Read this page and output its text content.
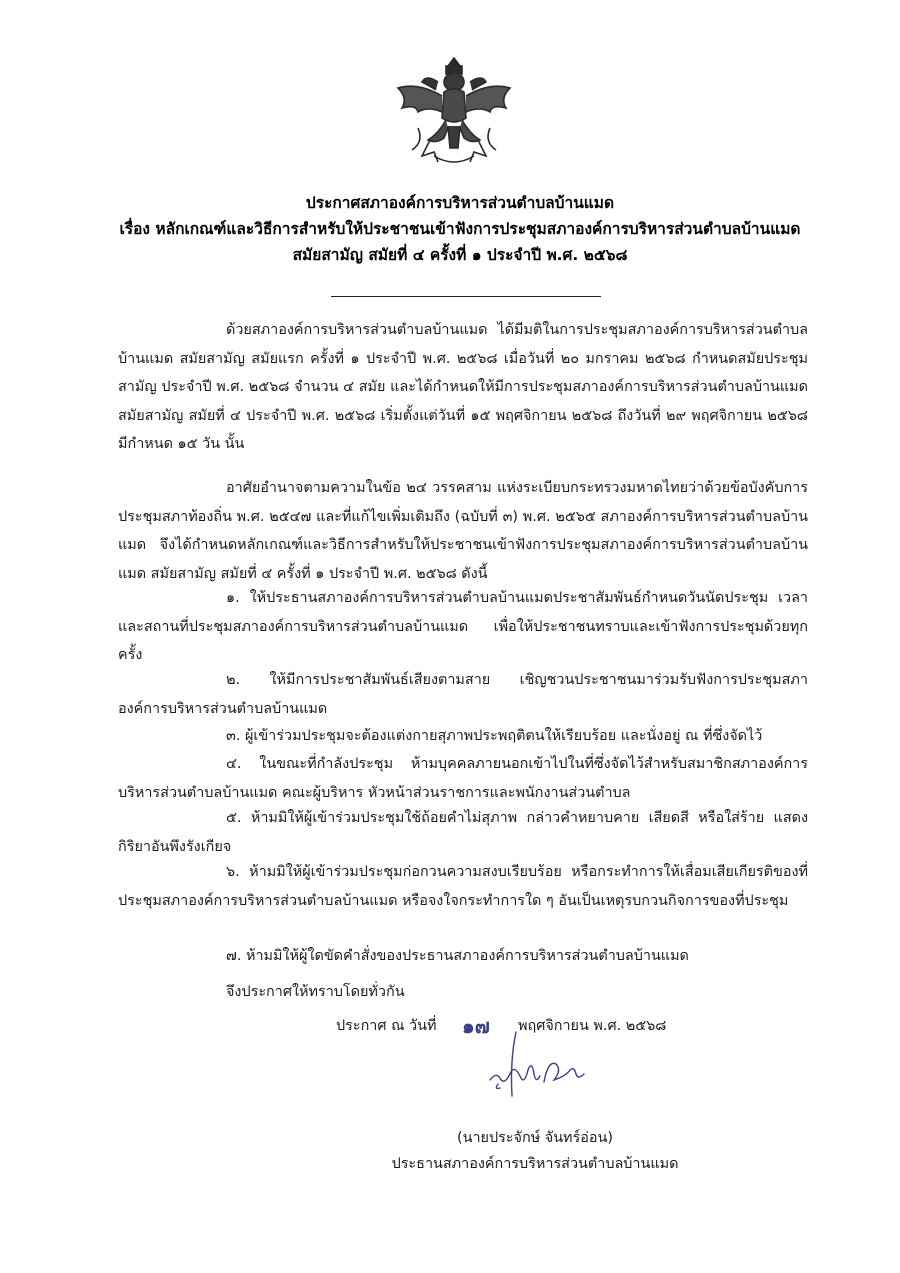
ประกาศสภาองค์การบริหารส่วนตำบลบ้านแมด
เรื่อง หลักเกณฑ์และวิธีการสำหรับให้ประชาชนเข้าฟังการประชุมสภาองค์การบริหารส่วนตำบลบ้านแมด
สมัยสามัญ สมัยที่ ๔ ครั้งที่ ๑ ประจำปี พ.ศ. ๒๕๖๘

ด้วยสภาองค์การบริหารส่วนตำบลบ้านแมด ได้มีมติในการประชุมสภาองค์การบริหารส่วนตำบลบ้านแมด สมัยสามัญ สมัยแรก ครั้งที่ ๑ ประจำปี พ.ศ. ๒๕๖๘ เมื่อวันที่ ๒๐ มกราคม ๒๕๖๘ กำหนดสมัยประชุมสามัญ ประจำปี พ.ศ. ๒๕๖๘ จำนวน ๔ สมัย และได้กำหนดให้มีการประชุมสภาองค์การบริหารส่วนตำบลบ้านแมด สมัยสามัญ สมัยที่ ๔ ประจำปี พ.ศ. ๒๕๖๘ เริ่มตั้งแต่วันที่ ๑๕ พฤศจิกายน ๒๕๖๘ ถึงวันที่ ๒๙ พฤศจิกายน ๒๕๖๘ มีกำหนด ๑๕ วัน นั้น

อาศัยอำนาจตามความในข้อ ๒๔ วรรคสาม แห่งระเบียบกระทรวงมหาดไทยว่าด้วยข้อบังคับการประชุมสภาท้องถิ่น พ.ศ. ๒๕๔๗ และที่แก้ไขเพิ่มเติมถึง (ฉบับที่ ๓) พ.ศ. ๒๕๖๕ สภาองค์การบริหารส่วนตำบลบ้านแมด จึงได้กำหนดหลักเกณฑ์และวิธีการสำหรับให้ประชาชนเข้าฟังการประชุมสภาองค์การบริหารส่วนตำบลบ้านแมด สมัยสามัญ สมัยที่ ๔ ครั้งที่ ๑ ประจำปี พ.ศ. ๒๕๖๘ ดังนี้

๑. ให้ประธานสภาองค์การบริหารส่วนตำบลบ้านแมดประชาสัมพันธ์กำหนดวันนัดประชุม เวลา และสถานที่ประชุมสภาองค์การบริหารส่วนตำบลบ้านแมด เพื่อให้ประชาชนทราบและเข้าฟังการประชุมด้วยทุกครั้ง

๒. ให้มีการประชาสัมพันธ์เสียงตามสาย เชิญชวนประชาชนมาร่วมรับฟังการประชุมสภาองค์การบริหารส่วนตำบลบ้านแมด

๓. ผู้เข้าร่วมประชุมจะต้องแต่งกายสุภาพประพฤติตนให้เรียบร้อย และนั่งอยู่ ณ ที่ซึ่งจัดไว้

๔. ในขณะที่กำลังประชุม ห้ามบุคคลภายนอกเข้าไปในที่ซึ่งจัดไว้สำหรับสมาชิกสภาองค์การบริหารส่วนตำบลบ้านแมด คณะผู้บริหาร หัวหน้าส่วนราชการและพนักงานส่วนตำบล

๕. ห้ามมิให้ผู้เข้าร่วมประชุมใช้ถ้อยคำไม่สุภาพ กล่าวคำหยาบคาย เสียดสี หรือใส่ร้าย แสดงกิริยาอันพึงรังเกียจ

๖. ห้ามมิให้ผู้เข้าร่วมประชุมก่อกวนความสงบเรียบร้อย หรือกระทำการให้เสื่อมเสียเกียรติของที่ประชุมสภาองค์การบริหารส่วนตำบลบ้านแมด หรือจงใจกระทำการใด ๆ อันเป็นเหตุรบกวนกิจการของที่ประชุม

๗. ห้ามมิให้ผู้ใดขัดคำสั่งของประธานสภาองค์การบริหารส่วนตำบลบ้านแมด
จึงประกาศให้ทราบโดยทั่วกัน
ประกาศ ณ วันที่ ๑๗ พฤศจิกายน พ.ศ. ๒๕๖๘
(นายประจักษ์ จันทร์อ่อน)
ประธานสภาองค์การบริหารส่วนตำบลบ้านแมด
